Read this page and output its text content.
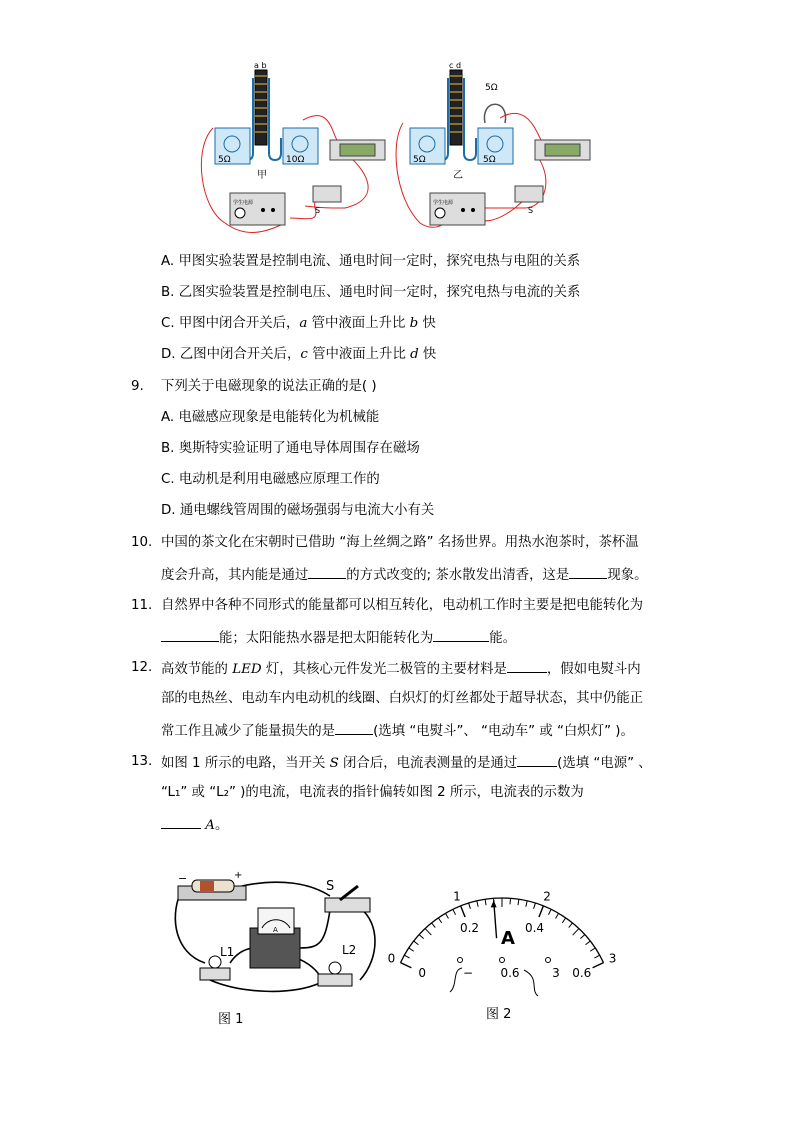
a b
5Ω	10Ω
甲
学生电源
S
5Ω
c d
5Ω	5Ω
乙
学生电源
S
A. 甲图实验装置是控制电流、通电时间一定时，探究电热与电阻的关系
B. 乙图实验装置是控制电压、通电时间一定时，探究电热与电流的关系
C. 甲图中闭合开关后，a 管中液面上升比 b 快
D. 乙图中闭合开关后，c 管中液面上升比 d 快
9. 下列关于电磁现象的说法正确的是( )
A. 电磁感应现象是电能转化为机械能
B. 奥斯特实验证明了通电导体周围存在磁场
C. 电动机是利用电磁感应原理工作的
D. 通电螺线管周围的磁场强弱与电流大小有关
10. 中国的茶文化在宋朝时已借助 “海上丝绸之路” 名扬世界。用热水泡茶时，茶杯温
度会升高，其内能是通过	的方式改变的; 茶水散发出清香，这是	现象。
11. 自然界中各种不同形式的能量都可以相互转化，电动机工作时主要是把电能转化为
能；太阳能热水器是把太阳能转化为	能。
12. 高效节能的 LED 灯，其核心元件发光二极管的主要材料是	，假如电熨斗内
部的电热丝、电动车内电动机的线圈、白炽灯的灯丝都处于超导状态，其中仍能正
常工作且减少了能量损失的是	(选填 “电熨斗”、 “电动车” 或 “白炽灯” )。
13. 如图 1 所示的电路，当开关 S 闭合后，电流表测量的是通过	(选填 “电源” 、
“L₁” 或 “L₂” )的电流，电流表的指针偏转如图 2 所示，电流表的示数为
A。
−	+
S
A
L1	L2
图 1
0
1	2
3
0
0.2	0.4
0.6
A
− 0.6	3
图 2
